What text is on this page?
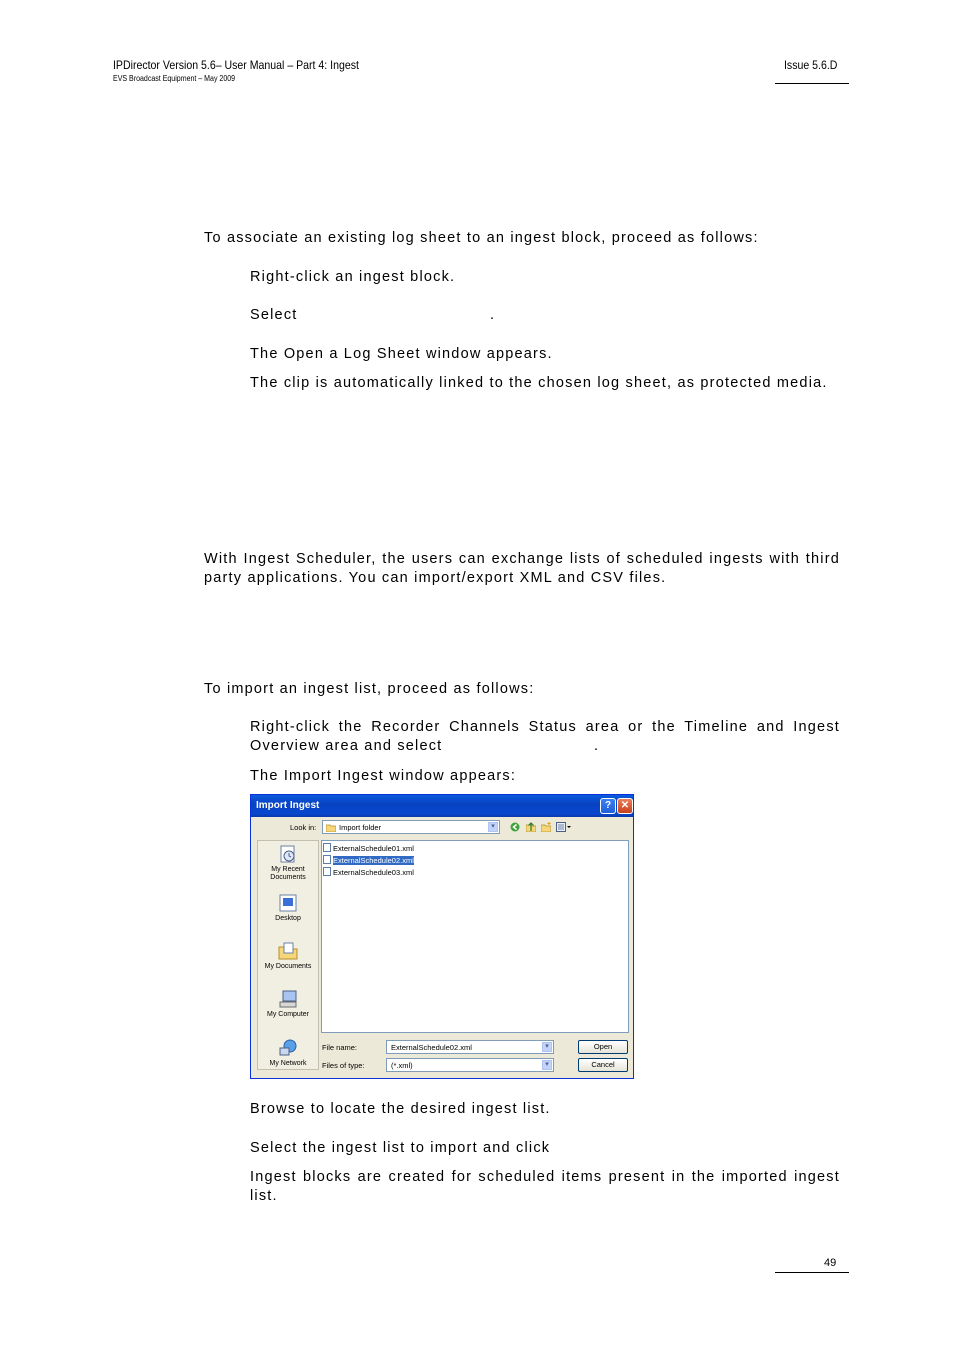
IPDirector Version 5.6– User Manual – Part 4: Ingest
EVS Broadcast Equipment – May 2009
Issue 5.6.D
To associate an existing log sheet to an ingest block, proceed as follows:
Right-click an ingest block.
Select	.
The Open a Log Sheet window appears.
The clip is automatically linked to the chosen log sheet, as protected media.
With Ingest Scheduler, the users can exchange lists of scheduled ingests with third party applications. You can import/export XML and CSV files.
To import an ingest list, proceed as follows:
Right-click the Recorder Channels Status area or the Timeline and Ingest Overview area and select	.
The Import Ingest window appears:
Import Ingest	? ✕
Look in:	Import folder	▾
My Recent Documents
Desktop
My Documents
My Computer
My Network
ExternalSchedule01.xml
ExternalSchedule02.xml
ExternalSchedule03.xml
File name:	ExternalSchedule02.xml	▾
Files of type:	(*.xml)	▾
Open
Cancel
Browse to locate the desired ingest list.
Select the ingest list to import and click
Ingest blocks are created for scheduled items present in the imported ingest list.
49
